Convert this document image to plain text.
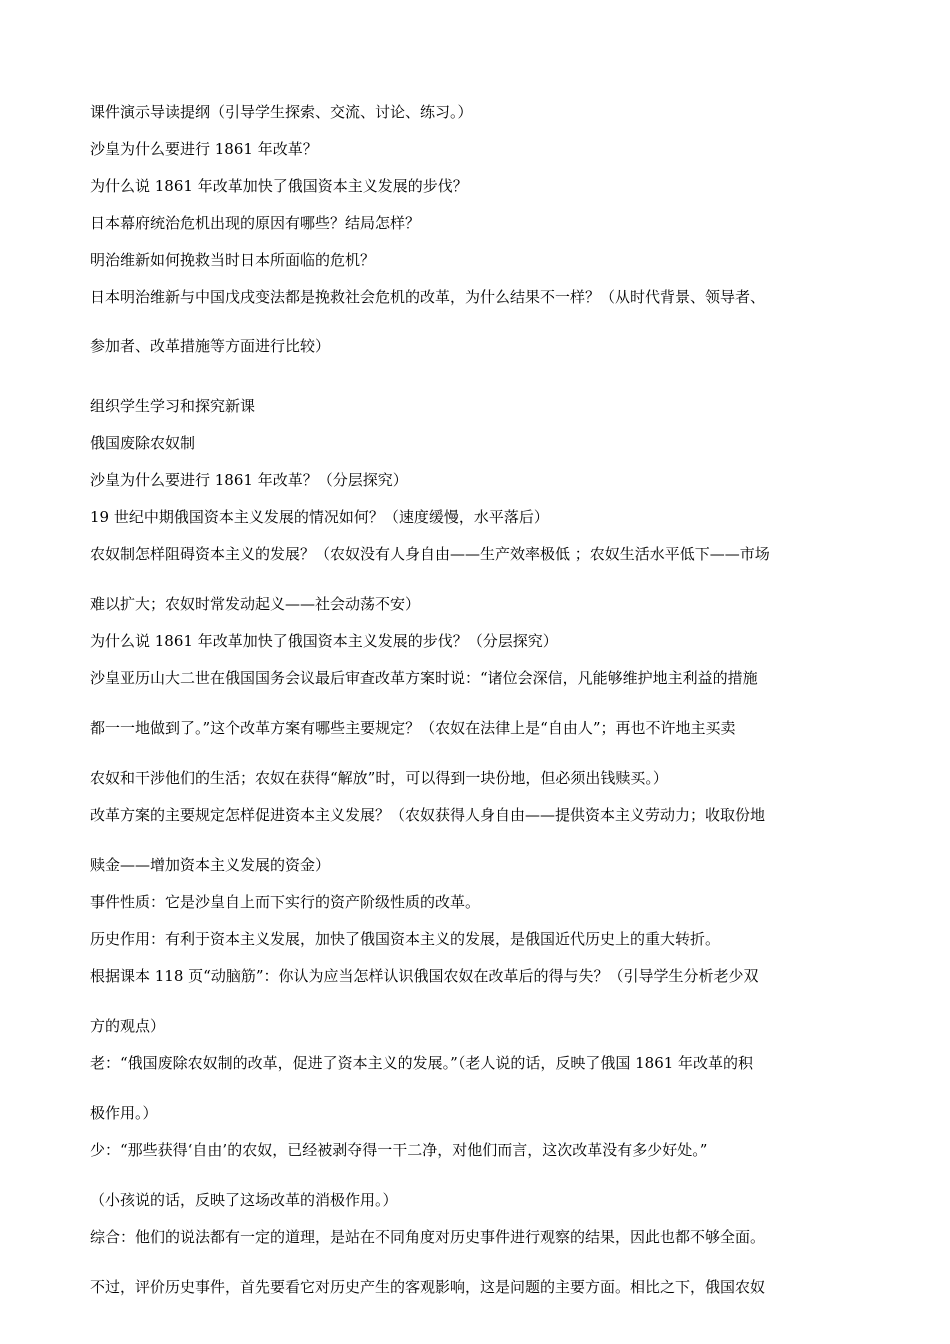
课件演示导读提纲（引导学生探索、交流、讨论、练习。）
沙皇为什么要进行 1861 年改革？
为什么说 1861 年改革加快了俄国资本主义发展的步伐？
日本幕府统治危机出现的原因有哪些？结局怎样？
明治维新如何挽救当时日本所面临的危机？
日本明治维新与中国戊戌变法都是挽救社会危机的改革，为什么结果不一样？（从时代背景、领导者、
参加者、改革措施等方面进行比较）
组织学生学习和探究新课
俄国废除农奴制
沙皇为什么要进行 1861 年改革？（分层探究）
19 世纪中期俄国资本主义发展的情况如何？（速度缓慢，水平落后）
农奴制怎样阻碍资本主义的发展？（农奴没有人身自由——生产效率极低 ；农奴生活水平低下——市场
难以扩大；农奴时常发动起义——社会动荡不安）
为什么说 1861 年改革加快了俄国资本主义发展的步伐？（分层探究）
沙皇亚历山大二世在俄国国务会议最后审查改革方案时说：“诸位会深信，凡能够维护地主利益的措施
都一一地做到了。”这个改革方案有哪些主要规定？（农奴在法律上是“自由人”；再也不许地主买卖
农奴和干涉他们的生活；农奴在获得“解放”时，可以得到一块份地，但必须出钱赎买。）
改革方案的主要规定怎样促进资本主义发展？（农奴获得人身自由——提供资本主义劳动力；收取份地
赎金——增加资本主义发展的资金）
事件性质：它是沙皇自上而下实行的资产阶级性质的改革。
历史作用：有利于资本主义发展，加快了俄国资本主义的发展，是俄国近代历史上的重大转折。
根据课本 118 页“动脑筋”：你认为应当怎样认识俄国农奴在改革后的得与失？（引导学生分析老少双
方的观点）
老：“俄国废除农奴制的改革，促进了资本主义的发展。”（老人说的话，反映了俄国 1861 年改革的积
极作用。）
少：“那些获得‘自由’的农奴，已经被剥夺得一干二净，对他们而言，这次改革没有多少好处。”
（小孩说的话，反映了这场改革的消极作用。）
综合：他们的说法都有一定的道理，是站在不同角度对历史事件进行观察的结果，因此也都不够全面。
不过，评价历史事件，首先要看它对历史产生的客观影响，这是问题的主要方面。相比之下，俄国农奴
